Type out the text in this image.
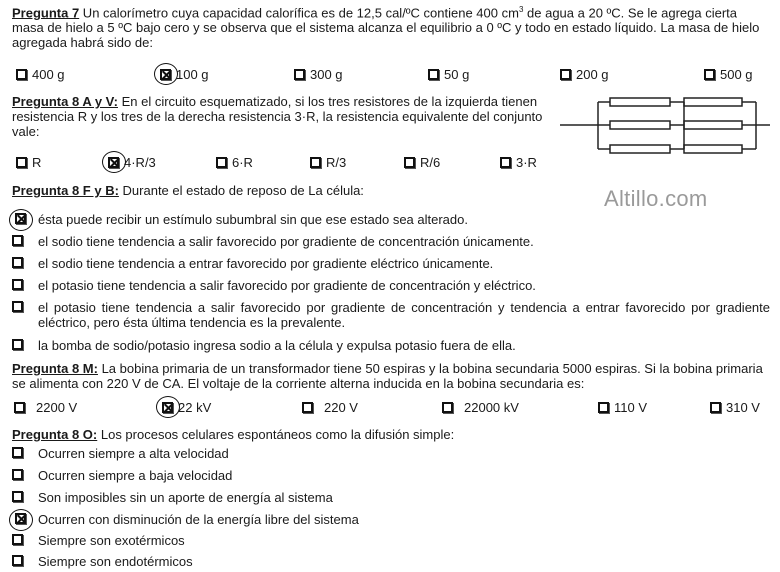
Pregunta 7 Un calorímetro cuya capacidad calorífica es de 12,5 cal/ºC contiene 400 $cm^3$ de agua a 20 ºC. Se le agrega cierta masa de hielo a 5 ºC bajo cero y se observa que el sistema alcanza el equilibrio a 0 ºC y todo en estado líquido. La masa de hielo agregada habrá sido de:
400 g	100 g	300 g	50 g	200 g	500 g
Pregunta 8 A y V: En el circuito esquematizado, si los tres resistores de la izquierda tienen resistencia R y los tres de la derecha resistencia 3·R, la resistencia equivalente del conjunto vale:
R	4·R/3	6·R	R/3	R/6	3·R
Altillo.com
Pregunta 8 F y B: Durante el estado de reposo de La célula:
ésta puede recibir un estímulo subumbral sin que ese estado sea alterado.
el sodio tiene tendencia a salir favorecido por gradiente de concentración únicamente.
el sodio tiene tendencia a entrar favorecido por gradiente eléctrico únicamente.
el potasio tiene tendencia a salir favorecido por gradiente de concentración y eléctrico.
el potasio tiene tendencia a salir favorecido por gradiente de concentración y tendencia a entrar favorecido por gradiente eléctrico, pero ésta última tendencia es la prevalente.
la bomba de sodio/potasio ingresa sodio a la célula y expulsa potasio fuera de ella.
Pregunta 8 M: La bobina primaria de un transformador tiene 50 espiras y la bobina secundaria 5000 espiras. Si la bobina primaria se alimenta con 220 V de CA. El voltaje de la corriente alterna inducida en la bobina secundaria es:
2200 V	22 kV	220 V	22000 kV	110 V	310 V
Pregunta 8 O: Los procesos celulares espontáneos como la difusión simple:
Ocurren siempre a alta velocidad
Ocurren siempre a baja velocidad
Son imposibles sin un aporte de energía al sistema
Ocurren con disminución de la energía libre del sistema
Siempre son exotérmicos
Siempre son endotérmicos
